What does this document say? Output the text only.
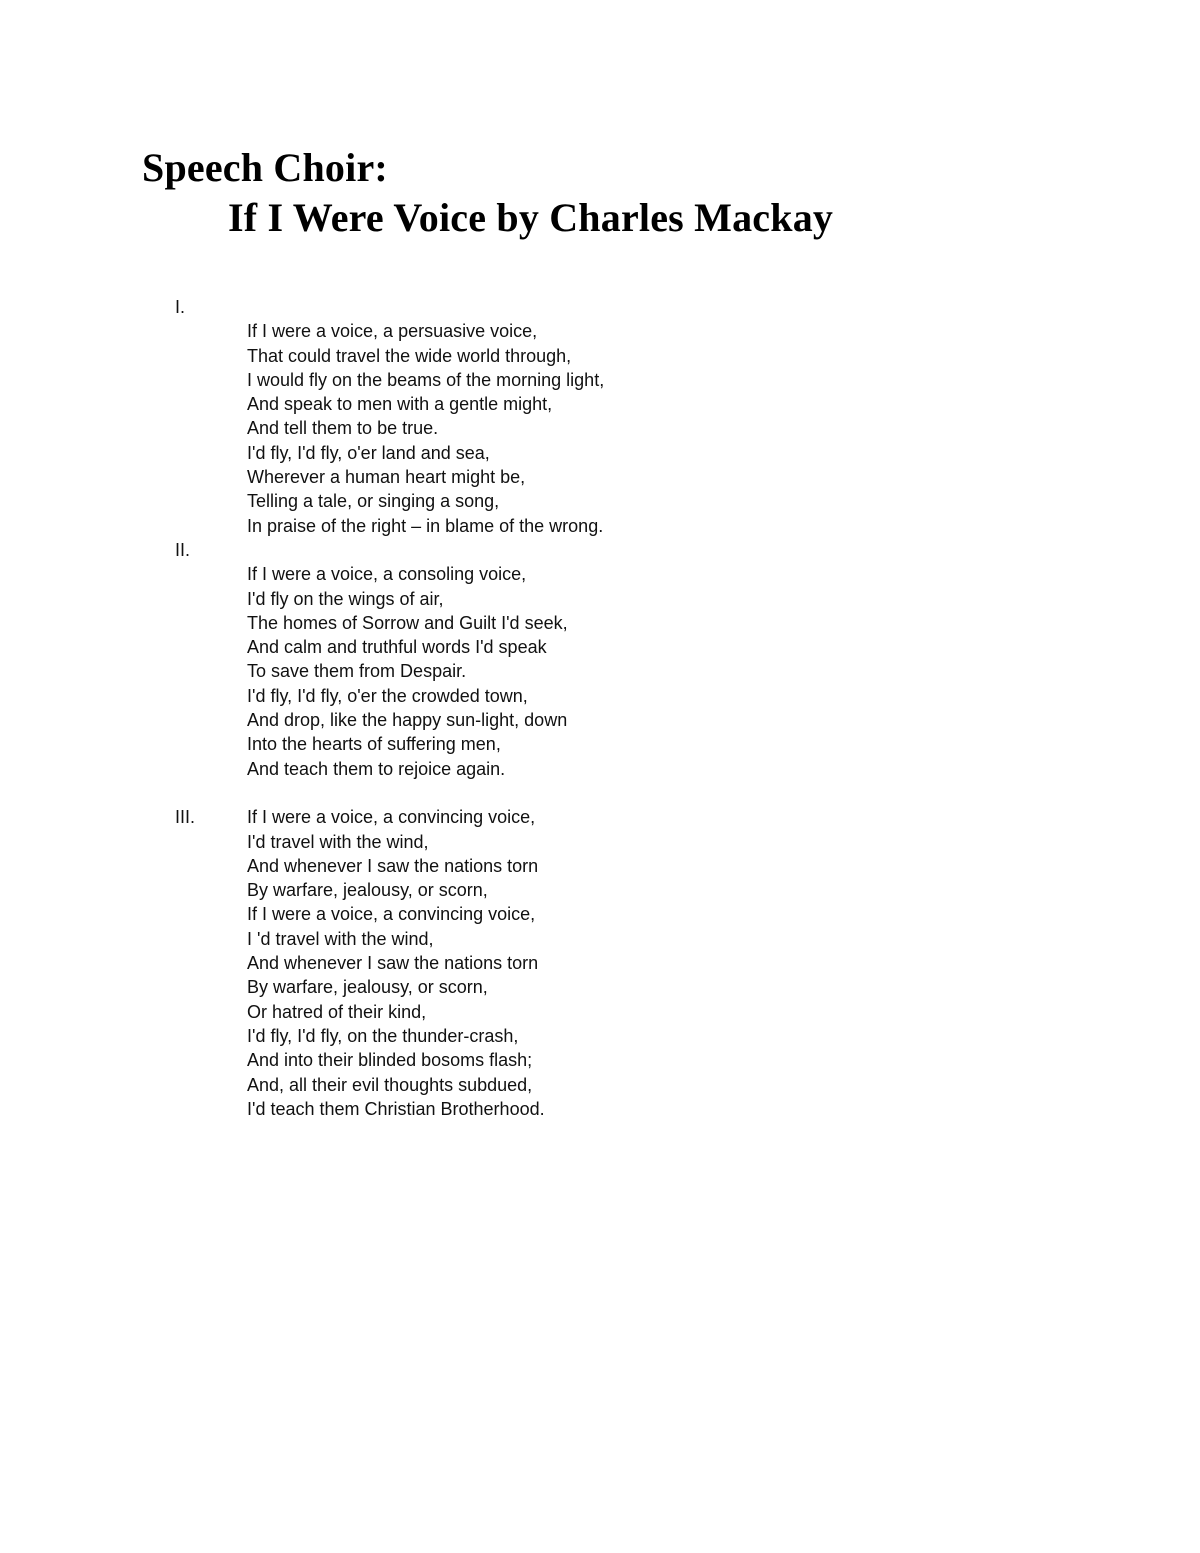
Speech Choir:
If I Were Voice by Charles Mackay
I.
If I were a voice, a persuasive voice,
That could travel the wide world through,
I would fly on the beams of the morning light,
And speak to men with a gentle might,
And tell them to be true.
I'd fly, I'd fly, o'er land and sea,
Wherever a human heart might be,
Telling a tale, or singing a song,
In praise of the right – in blame of the wrong.
II.
If I were a voice, a consoling voice,
I'd fly on the wings of air,
The homes of Sorrow and Guilt I'd seek,
And calm and truthful words I'd speak
To save them from Despair.
I'd fly, I'd fly, o'er the crowded town,
And drop, like the happy sun-light, down
Into the hearts of suffering men,
And teach them to rejoice again.
III.	If I were a voice, a convincing voice,
I'd travel with the wind,
And whenever I saw the nations torn
By warfare, jealousy, or scorn,
If I were a voice, a convincing voice,
I 'd travel with the wind,
And whenever I saw the nations torn
By warfare, jealousy, or scorn,
Or hatred of their kind,
I'd fly, I'd fly, on the thunder-crash,
And into their blinded bosoms flash;
And, all their evil thoughts subdued,
I'd teach them Christian Brotherhood.
